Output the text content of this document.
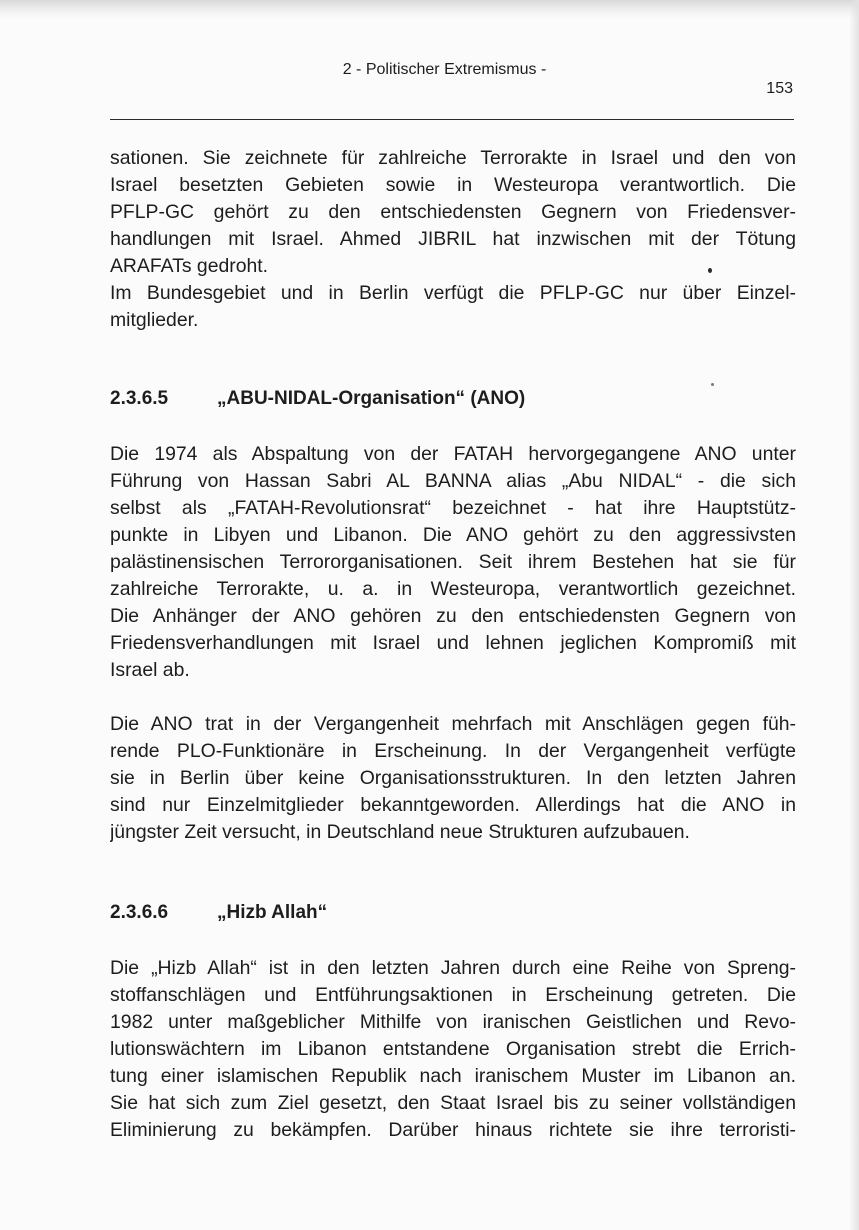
2 - Politischer Extremismus -
153
sationen. Sie zeichnete für zahlreiche Terrorakte in Israel und den von
Israel besetzten Gebieten sowie in Westeuropa verantwortlich. Die
PFLP-GC gehört zu den entschiedensten Gegnern von Friedensver-
handlungen mit Israel. Ahmed JIBRIL hat inzwischen mit der Tötung
ARAFATs gedroht.
Im Bundesgebiet und in Berlin verfügt die PFLP-GC nur über Einzel-
mitglieder.
2.3.6.5	„ABU-NIDAL-Organisation“ (ANO)
Die 1974 als Abspaltung von der FATAH hervorgegangene ANO unter
Führung von Hassan Sabri AL BANNA alias „Abu NIDAL“ - die sich
selbst als „FATAH-Revolutionsrat“ bezeichnet - hat ihre Hauptstütz-
punkte in Libyen und Libanon. Die ANO gehört zu den aggressivsten
palästinensischen Terrororganisationen. Seit ihrem Bestehen hat sie für
zahlreiche Terrorakte, u. a. in Westeuropa, verantwortlich gezeichnet.
Die Anhänger der ANO gehören zu den entschiedensten Gegnern von
Friedensverhandlungen mit Israel und lehnen jeglichen Kompromiß mit
Israel ab.
Die ANO trat in der Vergangenheit mehrfach mit Anschlägen gegen füh-
rende PLO-Funktionäre in Erscheinung. In der Vergangenheit verfügte
sie in Berlin über keine Organisationsstrukturen. In den letzten Jahren
sind nur Einzelmitglieder bekanntgeworden. Allerdings hat die ANO in
jüngster Zeit versucht, in Deutschland neue Strukturen aufzubauen.
2.3.6.6	„Hizb Allah“
Die „Hizb Allah“ ist in den letzten Jahren durch eine Reihe von Spreng-
stoffanschlägen und Entführungsaktionen in Erscheinung getreten. Die
1982 unter maßgeblicher Mithilfe von iranischen Geistlichen und Revo-
lutionswächtern im Libanon entstandene Organisation strebt die Errich-
tung einer islamischen Republik nach iranischem Muster im Libanon an.
Sie hat sich zum Ziel gesetzt, den Staat Israel bis zu seiner vollständigen
Eliminierung zu bekämpfen. Darüber hinaus richtete sie ihre terroristi-
